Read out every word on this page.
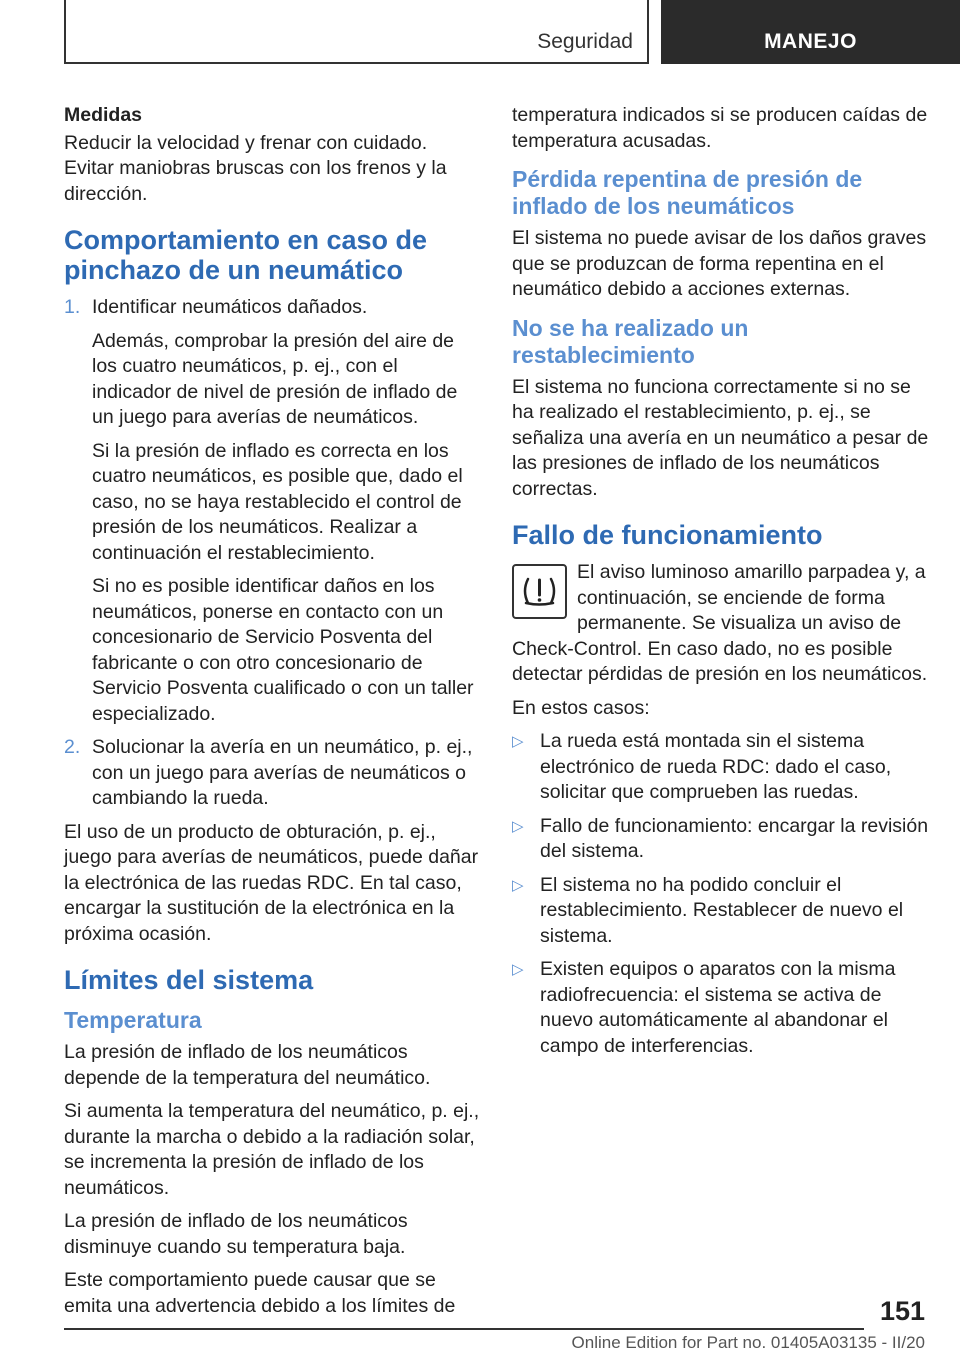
Seguridad	MANEJO

Medidas

Reducir la velocidad y frenar con cuidado. Evitar maniobras bruscas con los frenos y la dirección.

Comportamiento en caso de pinchazo de un neumático
1. Identificar neumáticos dañados.

Además, comprobar la presión del aire de los cuatro neumáticos, p. ej., con el indicador de nivel de presión de inflado de un juego para averías de neumáticos.

Si la presión de inflado es correcta en los cuatro neumáticos, es posible que, dado el caso, no se haya restablecido el control de presión de los neumáticos. Realizar a continuación el restablecimiento.

Si no es posible identificar daños en los neumáticos, ponerse en contacto con un concesionario de Servicio Posventa del fabricante o con otro concesionario de Servicio Posventa cualificado o con un taller especializado.

2. Solucionar la avería en un neumático, p. ej., con un juego para averías de neumáticos o cambiando la rueda.

El uso de un producto de obturación, p. ej., juego para averías de neumáticos, puede dañar la electrónica de las ruedas RDC. En tal caso, encargar la sustitución de la electrónica en la próxima ocasión.

Límites del sistema
Temperatura

La presión de inflado de los neumáticos depende de la temperatura del neumático.

Si aumenta la temperatura del neumático, p. ej., durante la marcha o debido a la radiación solar, se incrementa la presión de inflado de los neumáticos.

La presión de inflado de los neumáticos disminuye cuando su temperatura baja.

Este comportamiento puede causar que se emita una advertencia debido a los límites de

temperatura indicados si se producen caídas de temperatura acusadas.

Pérdida repentina de presión de inflado de los neumáticos

El sistema no puede avisar de los daños graves que se produzcan de forma repentina en el neumático debido a acciones externas.

No se ha realizado un restablecimiento

El sistema no funciona correctamente si no se ha realizado el restablecimiento, p. ej., se señaliza una avería en un neumático a pesar de las presiones de inflado de los neumáticos correctas.

Fallo de funcionamiento

El aviso luminoso amarillo parpadea y, a continuación, se enciende de forma permanente. Se visualiza un aviso de Check-Control. En caso dado, no es posible detectar pérdidas de presión en los neumáticos.

En estos casos:

▷ La rueda está montada sin el sistema electrónico de rueda RDC: dado el caso, solicitar que comprueben las ruedas.

▷ Fallo de funcionamiento: encargar la revisión del sistema.

▷ El sistema no ha podido concluir el restablecimiento. Restablecer de nuevo el sistema.

▷ Existen equipos o aparatos con la misma radiofrecuencia: el sistema se activa de nuevo automáticamente al abandonar el campo de interferencias.

151
Online Edition for Part no. 01405A03135 - II/20
